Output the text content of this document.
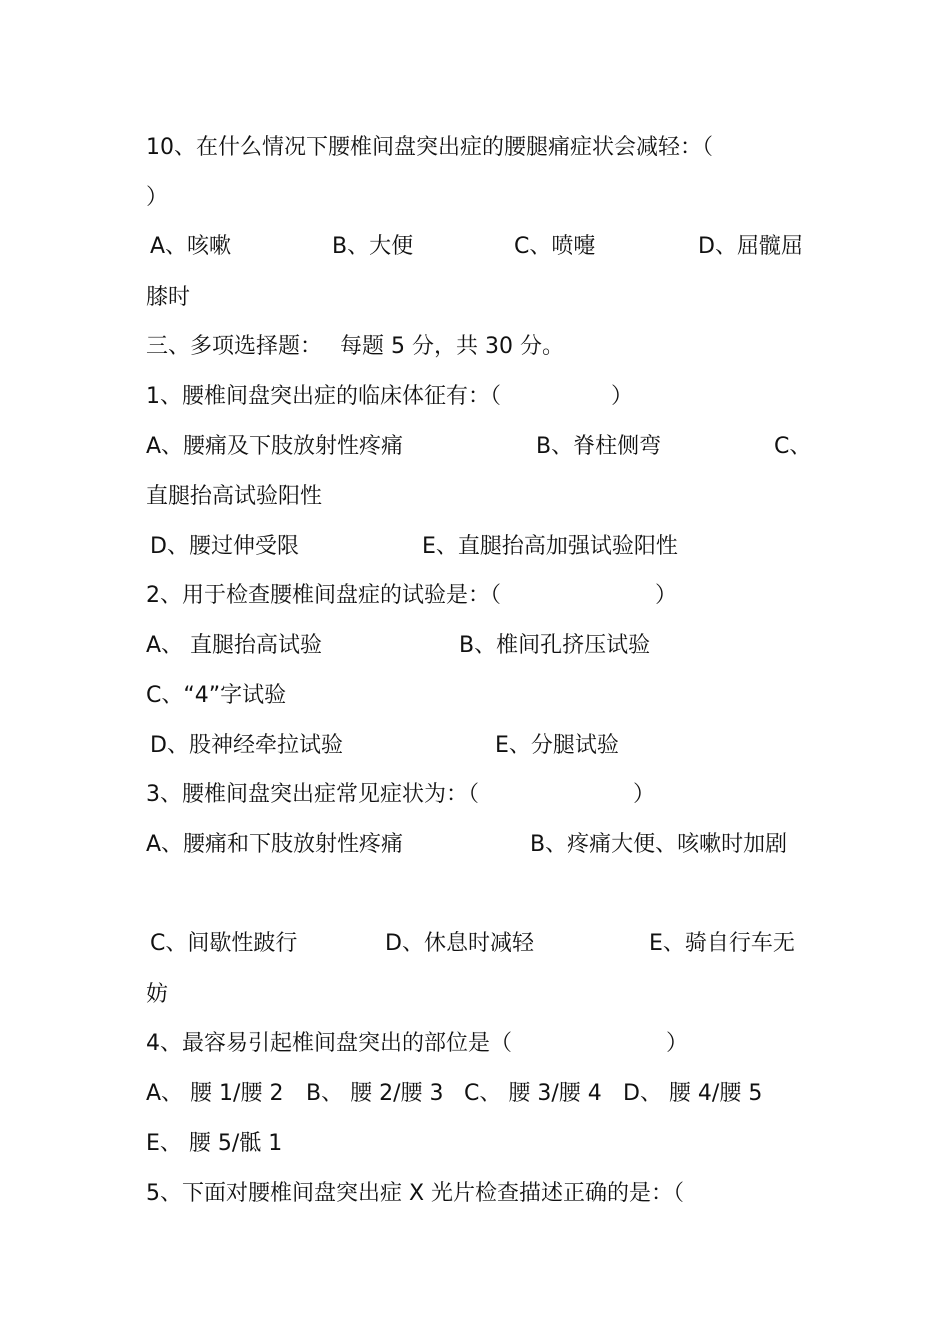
10、在什么情况下腰椎间盘突出症的腰腿痛症状会减轻：（
）

A、咳嗽

	B、大便

	C、喷嚏

	D、屈髋屈

膝时
三、多项选择题：　 每题 5 分，共 30 分。
1、腰椎间盘突出症的临床体征有：（　　　　　）

A、腰痛及下肢放射性疼痛

	B、脊柱侧弯

	C、

直腿抬高试验阳性

D、腰过伸受限

	E、直腿抬高加强试验阳性

2、用于检查腰椎间盘症的试验是：（　　　　　　　）

A、 直腿抬高试验

	B、椎间孔挤压试验

C、“4”字试验

D、股神经牵拉试验

	E、分腿试验

3、腰椎间盘突出症常见症状为：（　　　　　　　）

A、腰痛和下肢放射性疼痛

	B、疼痛大便、咳嗽时加剧

C、间歇性跛行

	D、休息时减轻

	E、骑自行车无

妨
4、最容易引起椎间盘突出的部位是（　　　　　　　）

A、 腰 1/腰 2

B、 腰 2/腰 3

C、 腰 3/腰 4

D、 腰 4/腰 5

E、 腰 5/骶 1
5、下面对腰椎间盘突出症 X 光片检查描述正确的是：（
